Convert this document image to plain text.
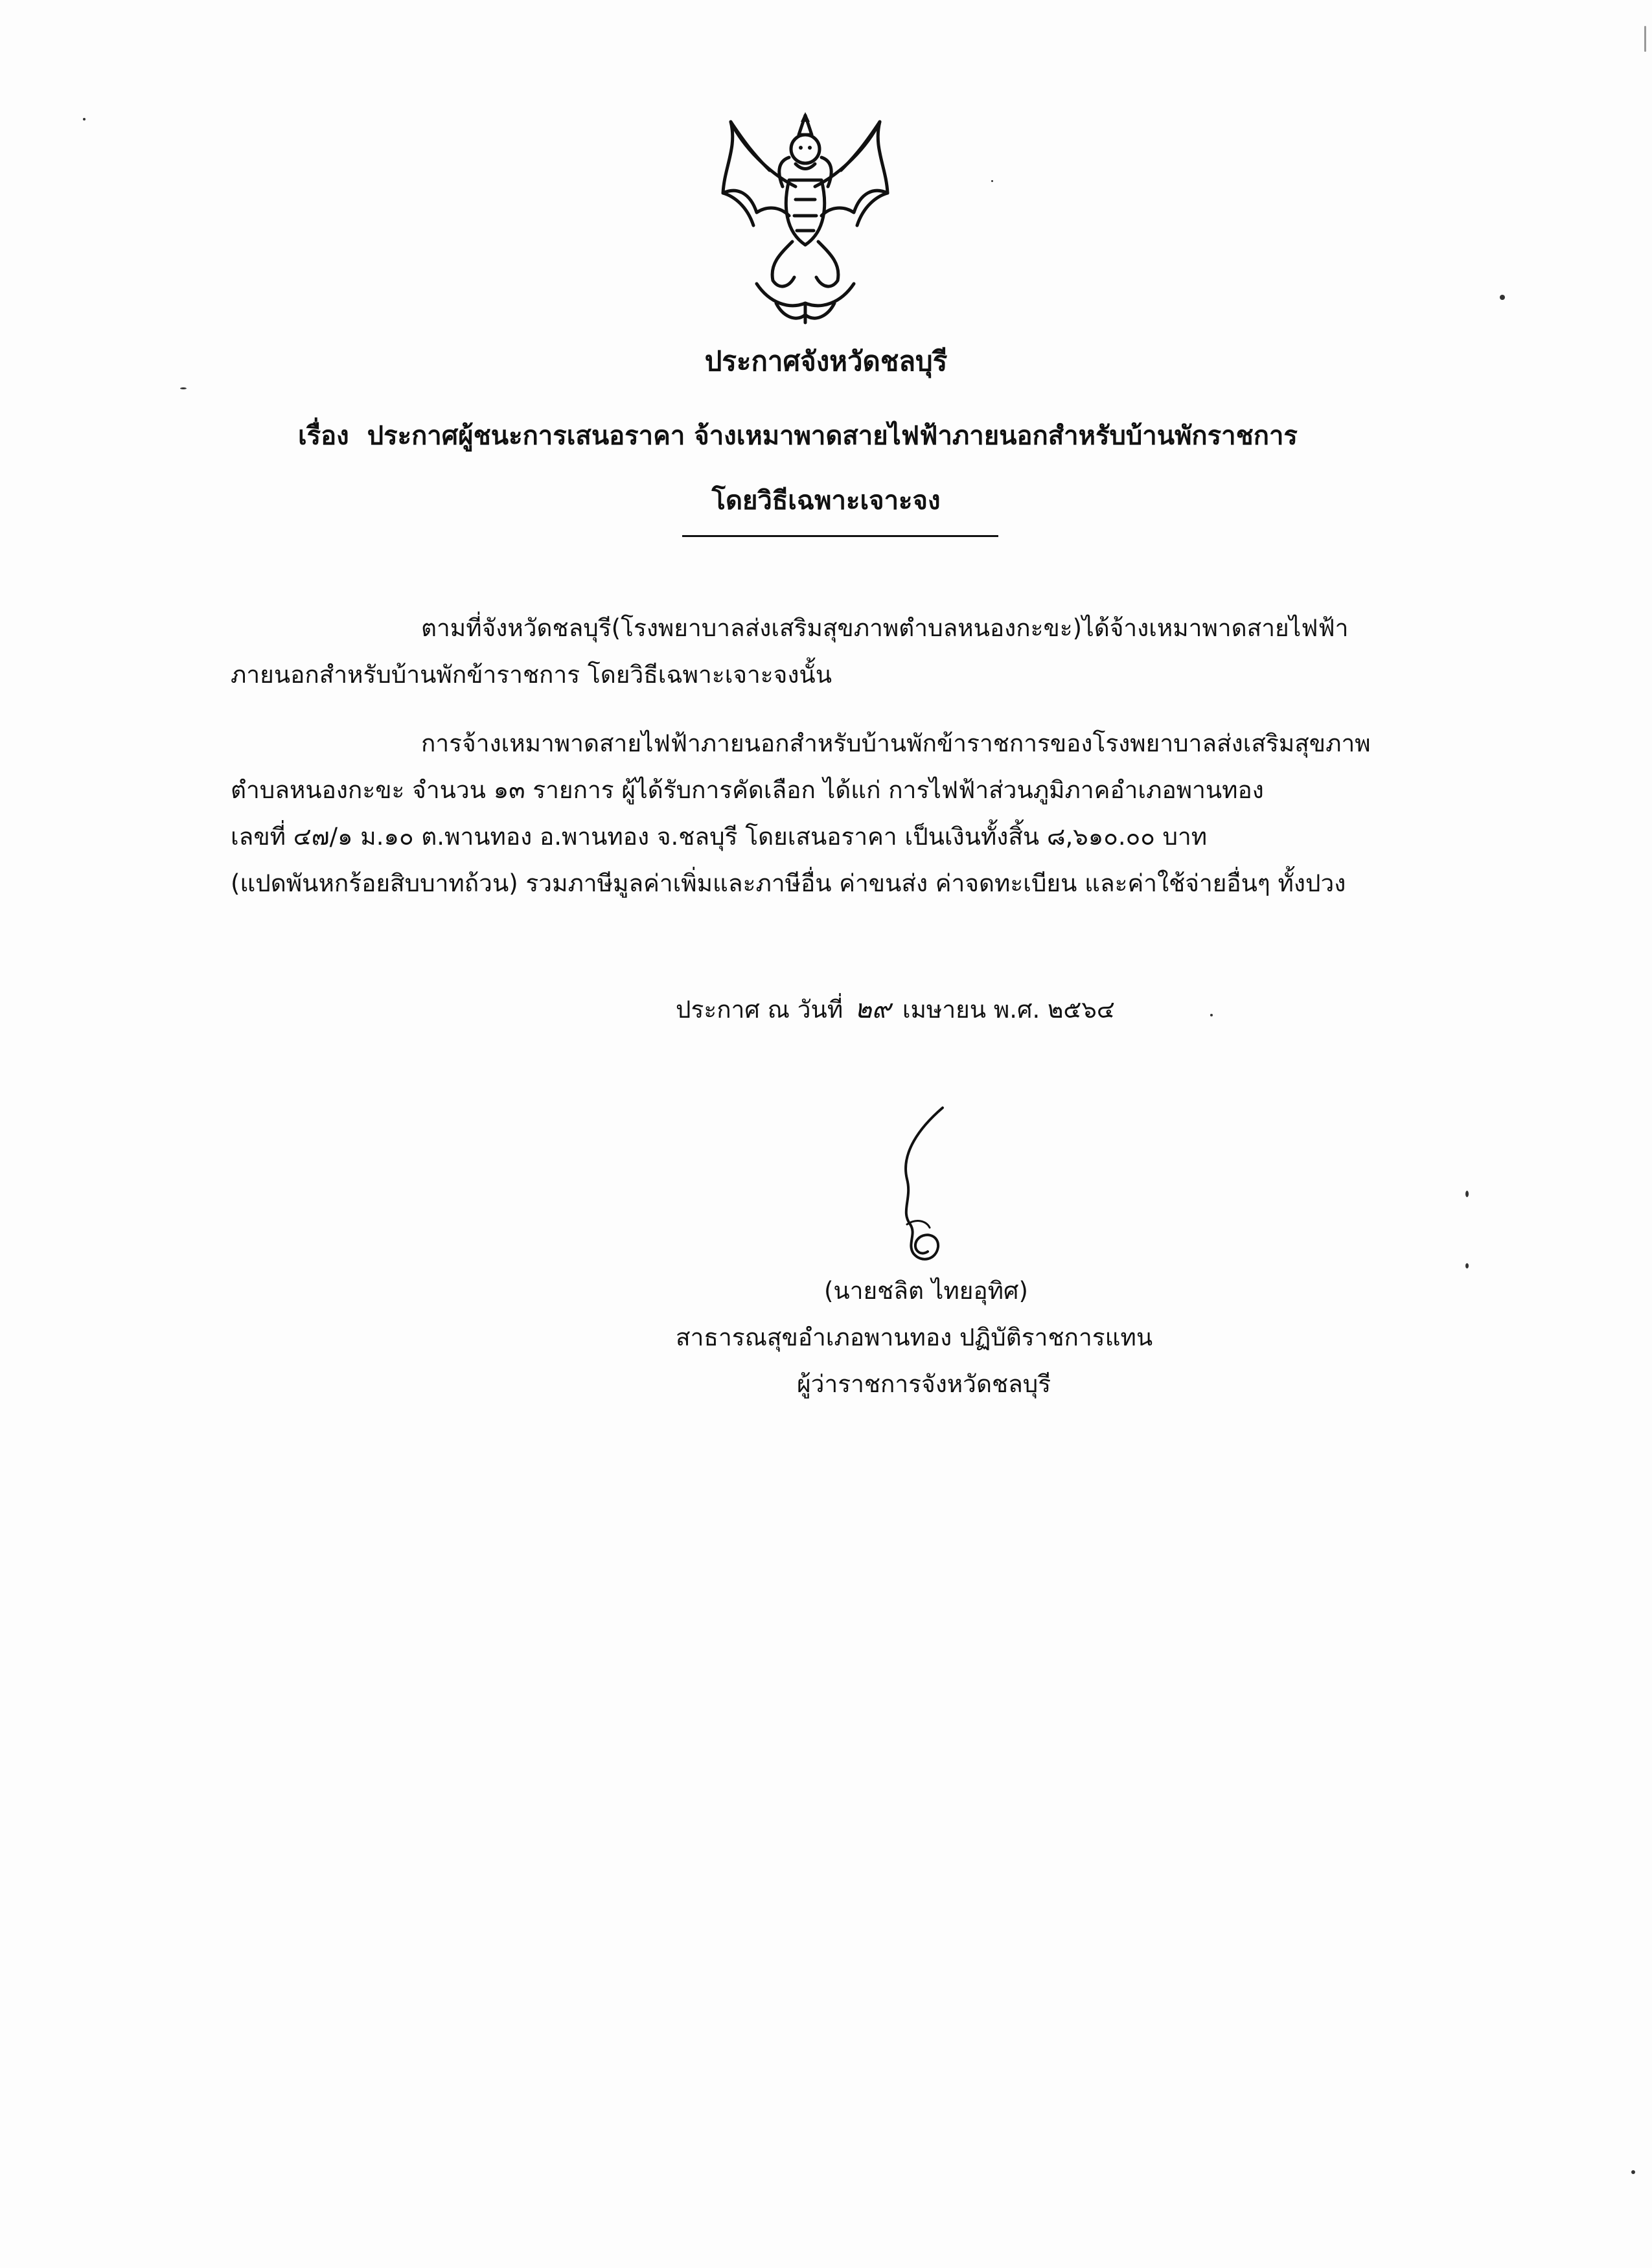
ประกาศจังหวัดชลบุรี
เรื่อง ประกาศผู้ชนะการเสนอราคา จ้างเหมาพาดสายไฟฟ้าภายนอกสำหรับบ้านพักราชการ
โดยวิธีเฉพาะเจาะจง
ตามที่จังหวัดชลบุรี(โรงพยาบาลส่งเสริมสุขภาพตำบลหนองกะขะ)ได้จ้างเหมาพาดสายไฟฟ้า
ภายนอกสำหรับบ้านพักข้าราชการ โดยวิธีเฉพาะเจาะจงนั้น
การจ้างเหมาพาดสายไฟฟ้าภายนอกสำหรับบ้านพักข้าราชการของโรงพยาบาลส่งเสริมสุขภาพ
ตำบลหนองกะขะ จำนวน ๑๓ รายการ ผู้ได้รับการคัดเลือก ได้แก่ การไฟฟ้าส่วนภูมิภาคอำเภอพานทอง
เลขที่ ๔๗/๑ ม.๑๐ ต.พานทอง อ.พานทอง จ.ชลบุรี โดยเสนอราคา เป็นเงินทั้งสิ้น ๘,๖๑๐.๐๐ บาท
(แปดพันหกร้อยสิบบาทถ้วน) รวมภาษีมูลค่าเพิ่มและภาษีอื่น ค่าขนส่ง ค่าจดทะเบียน และค่าใช้จ่ายอื่นๆ ทั้งปวง
ประกาศ ณ วันที่ ๒๙ เมษายน พ.ศ. ๒๕๖๔
(นายชลิต ไทยอุทิศ)
สาธารณสุขอำเภอพานทอง ปฏิบัติราชการแทน
ผู้ว่าราชการจังหวัดชลบุรี
